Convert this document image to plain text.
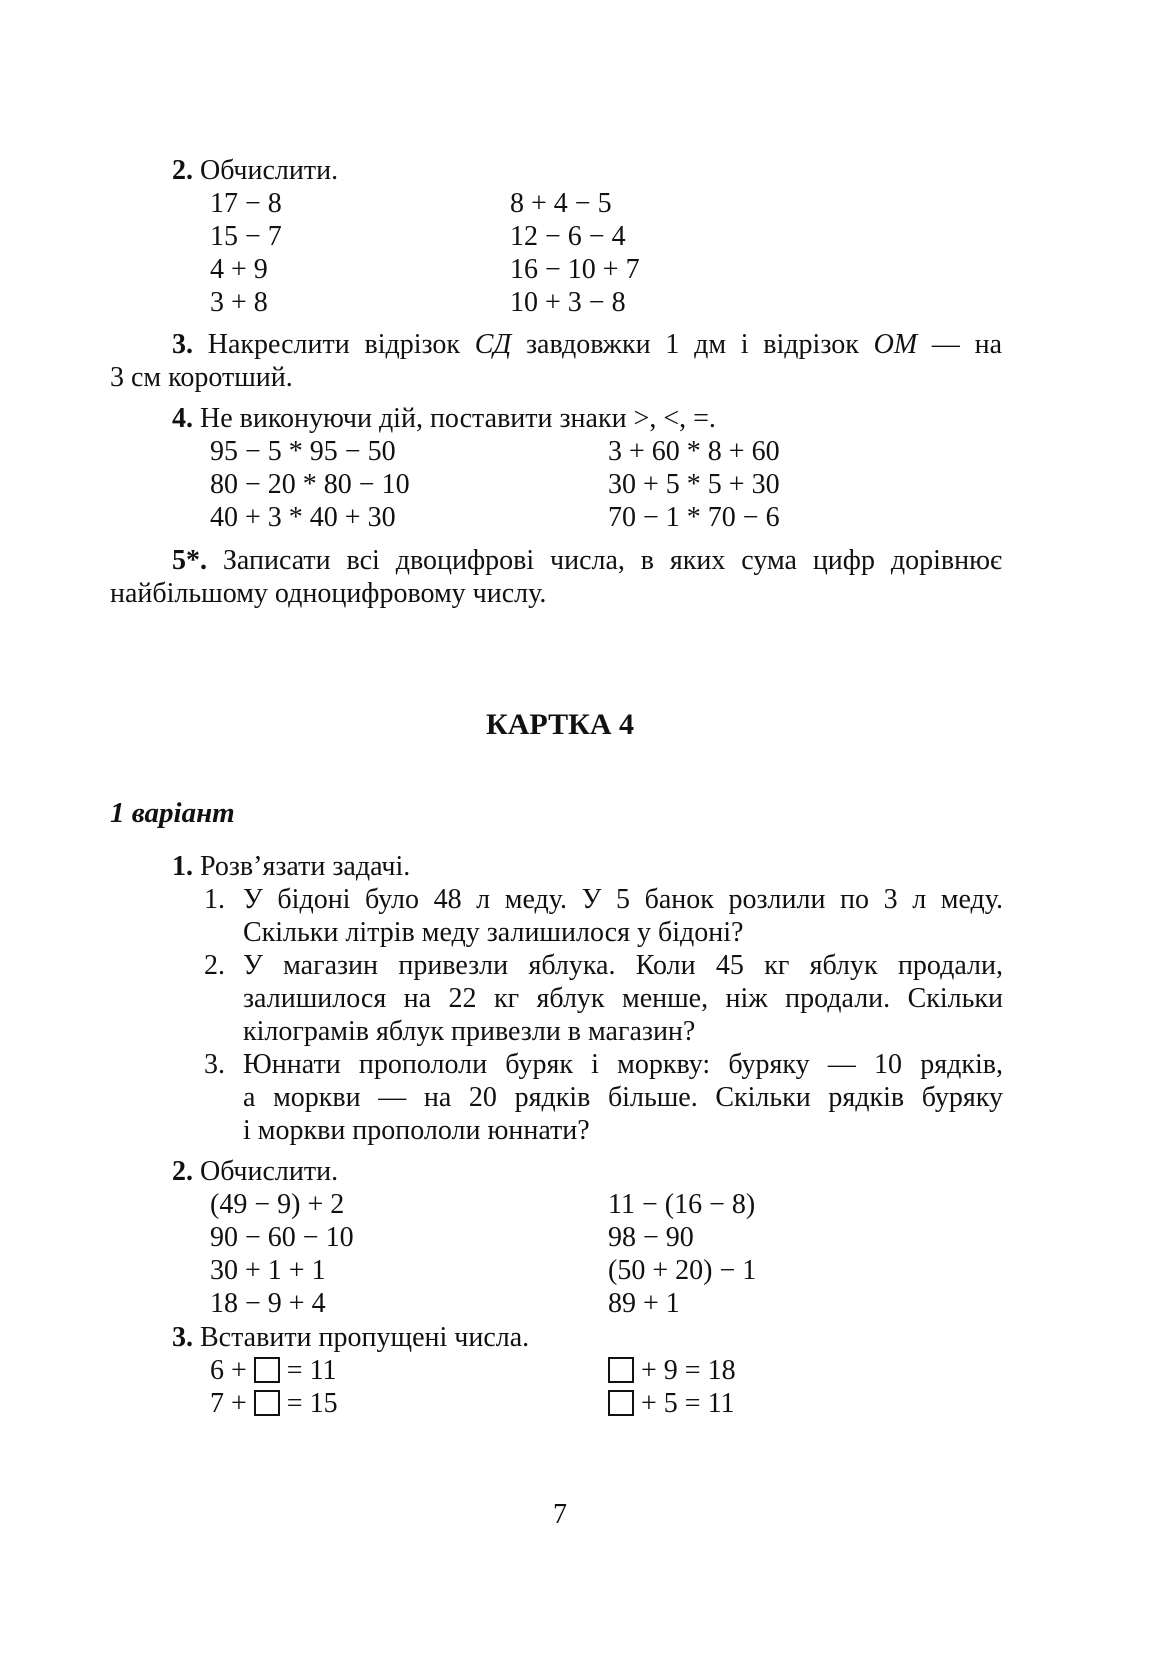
2. Обчислити.
17 − 8
15 − 7
4 + 9
3 + 8
8 + 4 − 5
12 − 6 − 4
16 − 10 + 7
10 + 3 − 8
3. Накреслити відрізок СД завдовжки 1 дм і відрізок ОМ — на
3 см коротший.
4. Не виконуючи дій, поставити знаки >, <, =.
95 − 5 * 95 − 50
80 − 20 * 80 − 10
40 + 3 * 40 + 30
3 + 60 * 8 + 60
30 + 5 * 5 + 30
70 − 1 * 70 − 6
5*. Записати всі двоцифрові числа, в яких сума цифр дорівнює
найбільшому одноцифровому числу.
КАРТКА 4
1 варіант
1. Розв’язати задачі.
1. У бідоні було 48 л меду. У 5 банок розлили по 3 л меду.
Скільки літрів меду залишилося у бідоні?
2. У магазин привезли яблука. Коли 45 кг яблук продали,
залишилося на 22 кг яблук менше, ніж продали. Скільки
кілограмів яблук привезли в магазин?
3. Юннати пропололи буряк і моркву: буряку — 10 рядків,
а моркви — на 20 рядків більше. Скільки рядків буряку
і моркви пропололи юннати?
2. Обчислити.
(49 − 9) + 2
90 − 60 − 10
30 + 1 + 1
18 − 9 + 4
11 − (16 − 8)
98 − 90
(50 + 20) − 1
89 + 1
3. Вставити пропущені числа.
6 + = 11
7 + = 15
+ 9 = 18
+ 5 = 11
7
